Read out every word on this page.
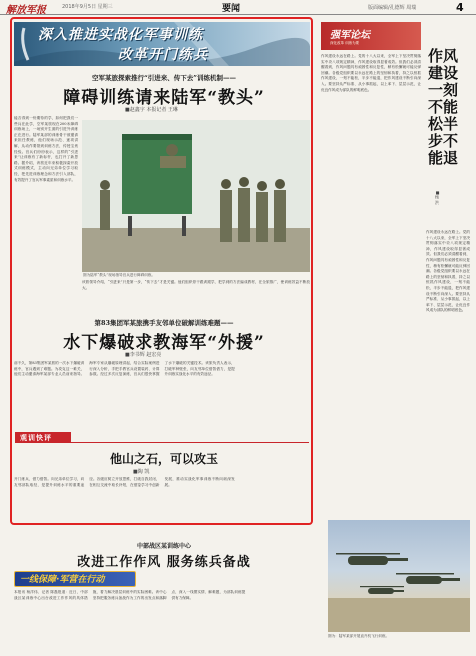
解放军报	2018年9月5日 星期三	要闻	版面编辑/孔德辉 周瑞	4
深入推进实战化军事训练
改革开门练兵
空军某旅探索推行“引进来、传下去”训练机制——
障碍训练请来陆军“教头”
■赵鑫宇 本报记者 王琳
能否得到一份期待的学，如何把我们一些兵在此学，空军某旅现在200米障碍训练场上，一场别开生面的引进外训练正在进行。陆军某部的训练骨干被邀请来担任教练，他们现场示范、逐项讲解，从动作要领到训练方法，传授宝贵经验。官兵们纷纷表示，这样的“引进来”让训练有了新标杆，也打开了新思路。据介绍，该旅近年来积极探索开放式训练模式，主动向兄弟单位学习取经，把先进训练理念和方法引入部队，有效提升了官兵军事素质和训练水平。
图为陆军“教头”现场指导官兵进行障碍训练。
该旅领导介绍，“引进来”只是第一步，“传下去”才是关键。他们组织骨干跟训跟学，把学到的方法编成教材，在全旅推广，使训练效益不断放大。
第83集团军某旅携手友邻单位破解训练难题——
水下爆破求教海军“外援”
■李书辉 赵宏亮
前不久，第83集团军某旅的一次水下爆破训练中，官兵遇到了难题。为攻克这一难关，他们主动邀请海军某部专业人员前来指导。海军专家从爆破原理讲起，结合实际案例进行深入分析，手把手教官兵设置装药、计算参数。经过多次反复演练，官兵们很快掌握了水下爆破的关键技术。该旅负责人表示，打破军种壁垒，向友邻单位借智借力，是提升训练实战化水平的有效途径。
观训快评
他山之石，可以攻玉
■陶 凯
开门练兵，借力借智。向兄弟单位学习，向友邻部队取经，是提升训练水平的重要途径。各级应树立开放思维，打破自我封闭，在相互交流中取长补短，在借鉴学习中创新发展，推动实战化军事训练不断向纵深发展。
强军论坛
深化改革 训练为要
作风建设一刻不能松半步不能退
■杨 洪
作风建设永远在路上。党的十八大以来，全军上下坚决贯彻落实中央八项规定精神，作风建设取得显著成效。但我们必须清醒看到，作风问题具有顽固性和反复性，稍有松懈就可能反弹回潮。各级党组织要以永远在路上的坚韧和执着，持之以恒抓作风建设，一刻不能松，半步不能退，把作风建设不断引向深入。要坚持从严标准、从小事抓起，以上率下、层层示范，让优良作风成为部队的鲜明底色。
作风建设永远在路上。党的十八大以来，全军上下坚决贯彻落实中央八项规定精神，作风建设取得显著成效。但我们必须清醒看到，作风问题具有顽固性和反复性，稍有松懈就可能反弹回潮。各级党组织要以永远在路上的坚韧和执着，持之以恒抓作风建设，一刻不能松，半步不能退，把作风建设不断引向深入。要坚持从严标准、从小事抓起，以上率下、层层示范，让优良作风成为部队的鲜明底色。
中部战区某训练中心
改进工作作风 服务练兵备战
一线保障·军营在行动
本报讯 杨洋伟、记者 陈磊报道：近日，中部战区某训练中心出台改进工作作风的具体措施，着力解决基层训练中的实际困难。该中心坚持把服务练兵备战作为工作的出发点和落脚点，深入一线摸实情、解难题，为部队训练提供有力保障。
图为：陆军某部开展直升机飞行训练。
